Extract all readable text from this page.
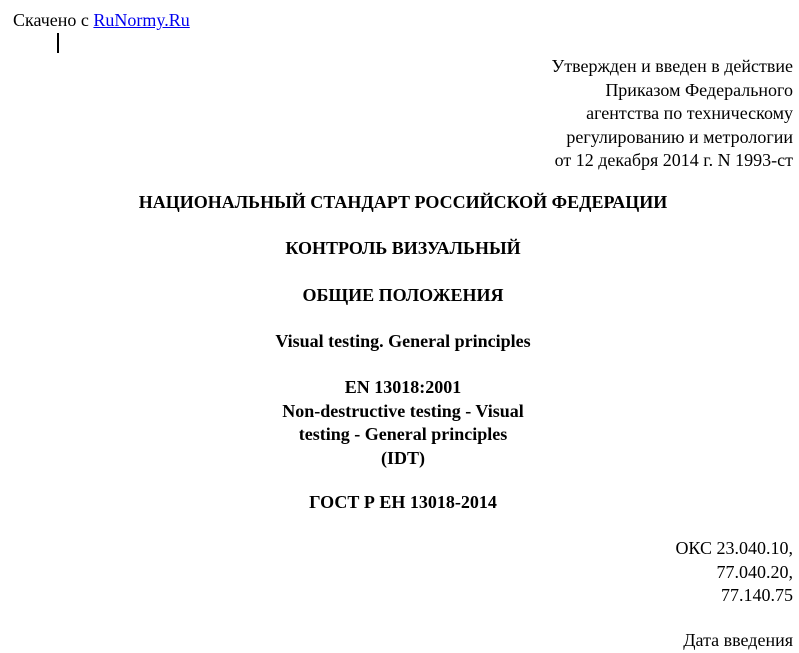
Скачено с RuNormy.Ru
Утвержден и введен в действие
Приказом Федерального
агентства по техническому
регулированию и метрологии
от 12 декабря 2014 г. N 1993-ст
НАЦИОНАЛЬНЫЙ СТАНДАРТ РОССИЙСКОЙ ФЕДЕРАЦИИ
КОНТРОЛЬ ВИЗУАЛЬНЫЙ
ОБЩИЕ ПОЛОЖЕНИЯ
Visual testing. General principles
EN 13018:2001
Non-destructive testing - Visual
testing - General principles
(IDT)
ГОСТ Р ЕН 13018-2014
ОКС 23.040.10,
77.040.20,
77.140.75
Дата введения
